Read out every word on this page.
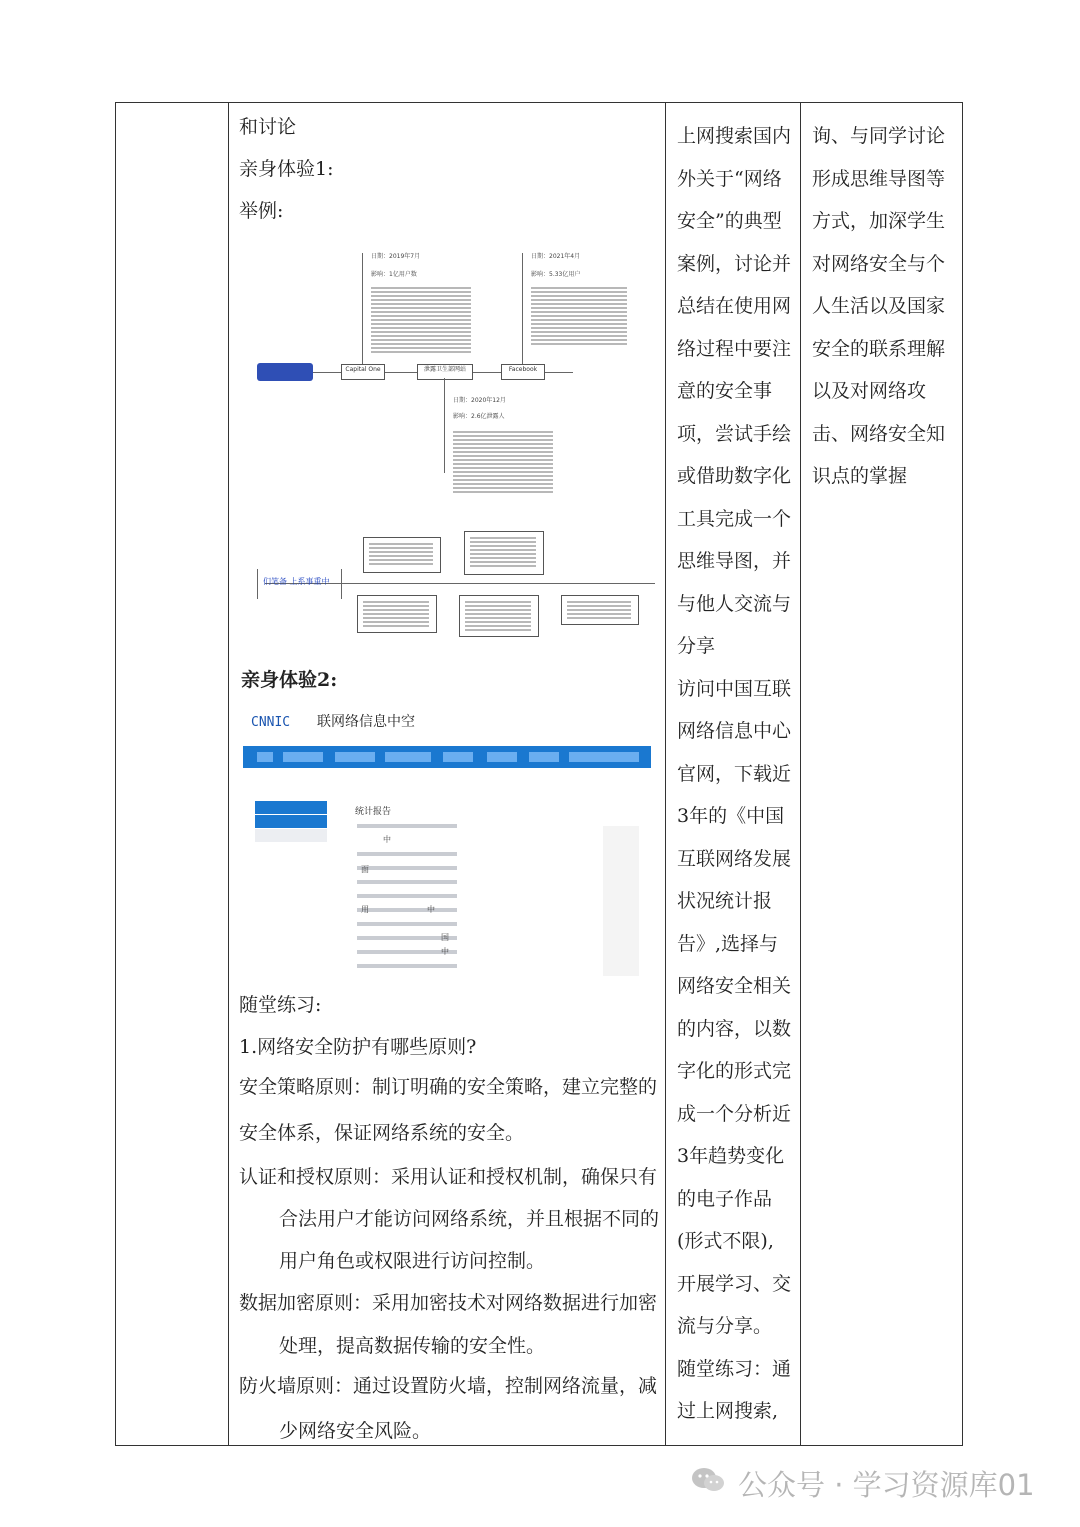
和讨论
亲身体验1:
举例:
Capital One	泄露卫生部网站	Facebook
日期：2019年7月
影响：1亿用户数
日期：2021年4月
影响：5.33亿用户
日期：2020年12月
影响：2.6亿泄露人
们笔备 上系事重中
亲身体验2:
CNNIC 联网络信息中空
统计报告
中
面
用	中
国
中
随堂练习:
1.网络安全防护有哪些原则?
安全策略原则：制订明确的安全策略，建立完整的
安全体系，保证网络系统的安全。
认证和授权原则：采用认证和授权机制，确保只有
合法用户才能访问网络系统，并且根据不同的
用户角色或权限进行访问控制。
数据加密原则：采用加密技术对网络数据进行加密
处理，提高数据传输的安全性。
防火墙原则：通过设置防火墙，控制网络流量，减
少网络安全风险。

上网搜索国内
外关于“网络
安全”的典型
案例，讨论并
总结在使用网
络过程中要注
意的安全事
项，尝试手绘
或借助数字化
工具完成一个
思维导图，并
与他人交流与
分享
访问中国互联
网络信息中心
官网，下载近
3年的《中国
互联网络发展
状况统计报
告》,选择与
网络安全相关
的内容，以数
字化的形式完
成一个分析近
3年趋势变化
的电子作品
(形式不限),
开展学习、交
流与分享。
随堂练习：通
过上网搜索,

询、与同学讨论
形成思维导图等
方式，加深学生
对网络安全与个
人生活以及国家
安全的联系理解
以及对网络攻
击、网络安全知
识点的掌握
公众号 · 学习资源库01
